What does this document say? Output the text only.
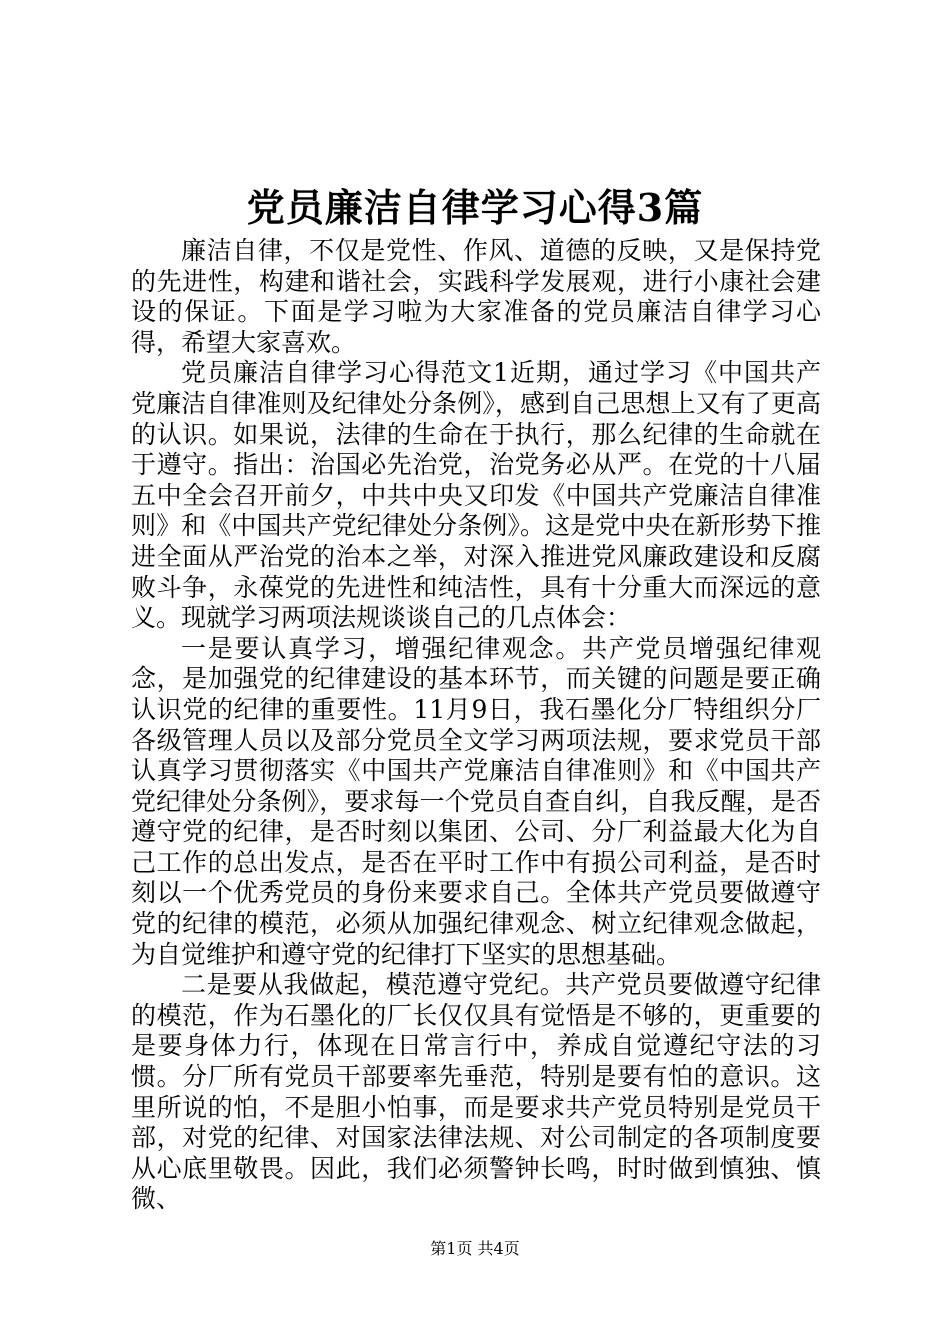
党员廉洁自律学习心得3篇

廉洁自律，不仅是党性、作风、道德的反映，又是保持党的先进性，构建和谐社会，实践科学发展观，进行小康社会建设的保证。下面是学习啦为大家准备的党员廉洁自律学习心得，希望大家喜欢。

党员廉洁自律学习心得范文1近期，通过学习《中国共产党廉洁自律准则及纪律处分条例》，感到自己思想上又有了更高的认识。如果说，法律的生命在于执行，那么纪律的生命就在于遵守。指出：治国必先治党，治党务必从严。在党的十八届五中全会召开前夕，中共中央又印发《中国共产党廉洁自律准则》和《中国共产党纪律处分条例》。这是党中央在新形势下推进全面从严治党的治本之举，对深入推进党风廉政建设和反腐败斗争，永葆党的先进性和纯洁性，具有十分重大而深远的意义。现就学习两项法规谈谈自己的几点体会：

一是要认真学习，增强纪律观念。共产党员增强纪律观念，是加强党的纪律建设的基本环节，而关键的问题是要正确认识党的纪律的重要性。11月9日，我石墨化分厂特组织分厂各级管理人员以及部分党员全文学习两项法规，要求党员干部认真学习贯彻落实《中国共产党廉洁自律准则》和《中国共产党纪律处分条例》，要求每一个党员自查自纠，自我反醒，是否遵守党的纪律，是否时刻以集团、公司、分厂利益最大化为自己工作的总出发点，是否在平时工作中有损公司利益，是否时刻以一个优秀党员的身份来要求自己。全体共产党员要做遵守党的纪律的模范，必须从加强纪律观念、树立纪律观念做起，为自觉维护和遵守党的纪律打下坚实的思想基础。

二是要从我做起，模范遵守党纪。共产党员要做遵守纪律的模范，作为石墨化的厂长仅仅具有觉悟是不够的，更重要的是要身体力行，体现在日常言行中，养成自觉遵纪守法的习惯。分厂所有党员干部要率先垂范，特别是要有怕的意识。这里所说的怕，不是胆小怕事，而是要求共产党员特别是党员干部，对党的纪律、对国家法律法规、对公司制定的各项制度要从心底里敬畏。因此，我们必须警钟长鸣，时时做到慎独、慎微、

第1页 共4页
